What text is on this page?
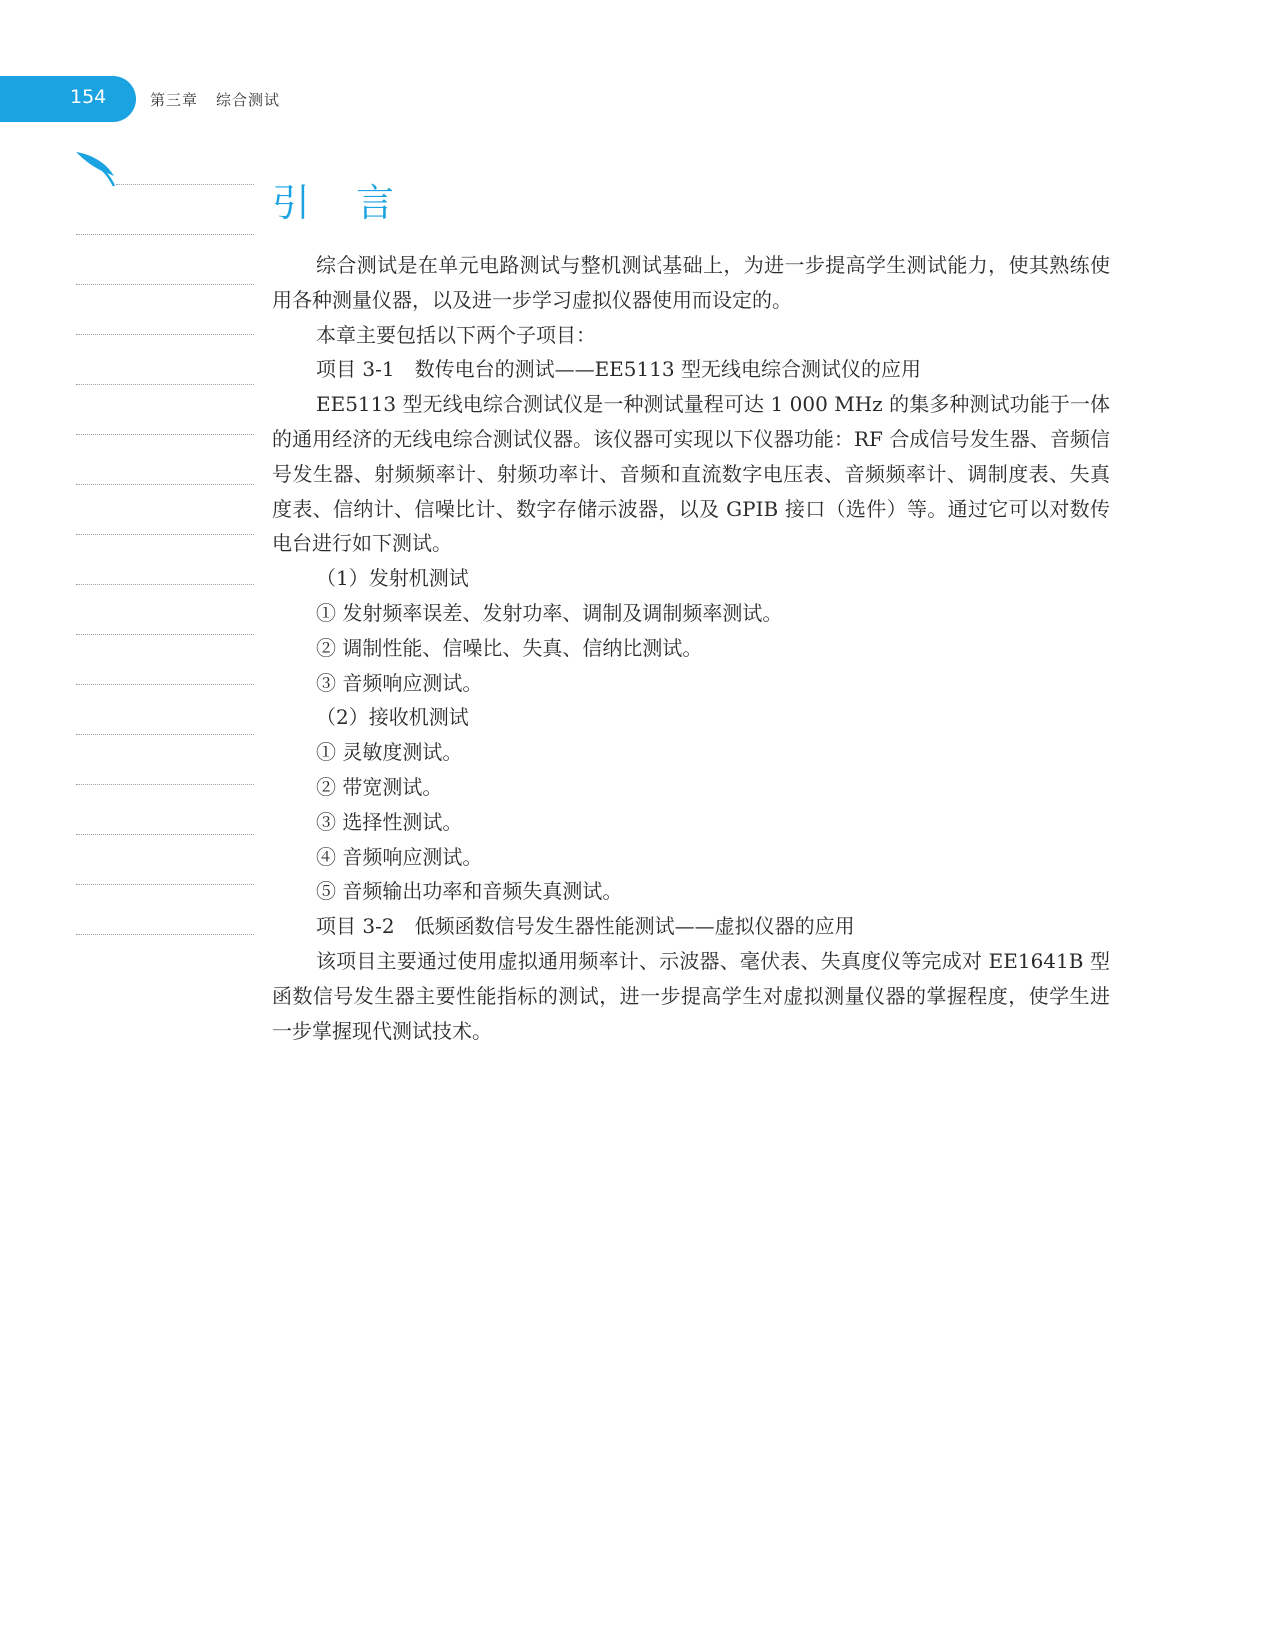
154	第三章 综合测试
引言

综合测试是在单元电路测试与整机测试基础上，为进一步提高学生测试能力，使其熟练使用各种测量仪器，以及进一步学习虚拟仪器使用而设定的。

本章主要包括以下两个子项目：

项目 3-1　数传电台的测试——EE5113 型无线电综合测试仪的应用

EE5113 型无线电综合测试仪是一种测试量程可达 1 000 MHz 的集多种测试功能于一体的通用经济的无线电综合测试仪器。该仪器可实现以下仪器功能：RF 合成信号发生器、音频信号发生器、射频频率计、射频功率计、音频和直流数字电压表、音频频率计、调制度表、失真度表、信纳计、信噪比计、数字存储示波器，以及 GPIB 接口（选件）等。通过它可以对数传电台进行如下测试。

（1）发射机测试

① 发射频率误差、发射功率、调制及调制频率测试。

② 调制性能、信噪比、失真、信纳比测试。

③ 音频响应测试。

（2）接收机测试

① 灵敏度测试。

② 带宽测试。

③ 选择性测试。

④ 音频响应测试。

⑤ 音频输出功率和音频失真测试。

项目 3-2　低频函数信号发生器性能测试——虚拟仪器的应用

该项目主要通过使用虚拟通用频率计、示波器、毫伏表、失真度仪等完成对 EE1641B 型函数信号发生器主要性能指标的测试，进一步提高学生对虚拟测量仪器的掌握程度，使学生进一步掌握现代测试技术。
